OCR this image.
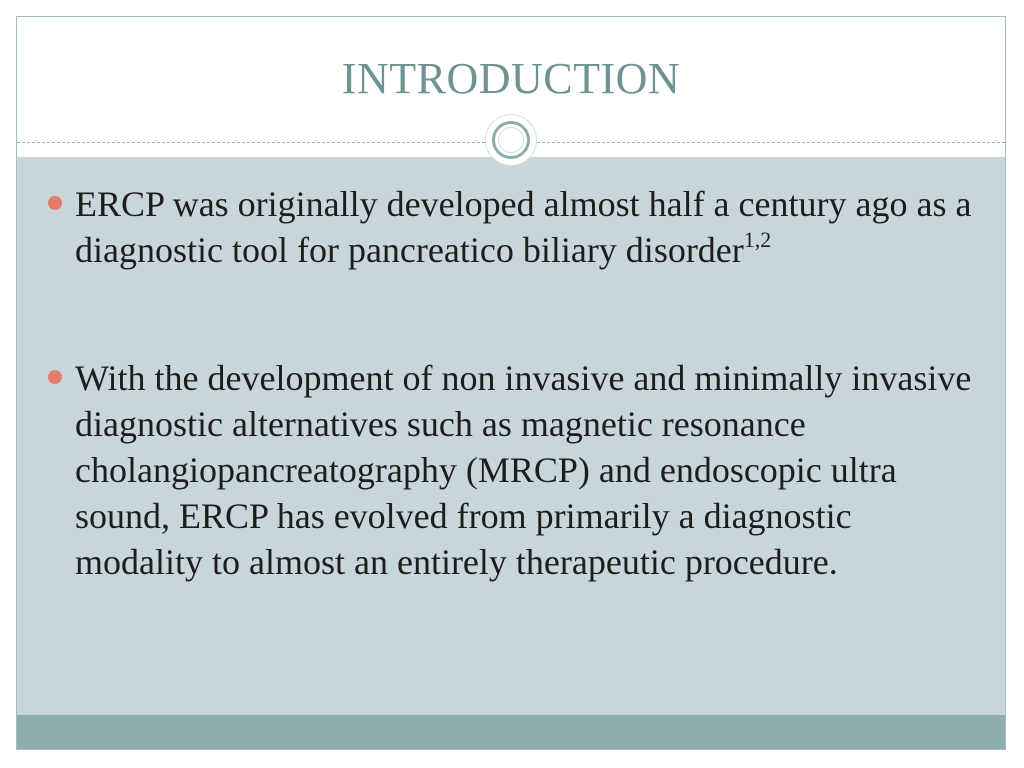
INTRODUCTION
ERCP was originally developed almost half a century ago as a diagnostic tool for pancreatico biliary disorder$^{1,2}$
With the development of non invasive and minimally invasive diagnostic alternatives such as magnetic resonance cholangiopancreatography (MRCP) and endoscopic ultra sound, ERCP has evolved from primarily a diagnostic modality to almost an entirely therapeutic procedure.
